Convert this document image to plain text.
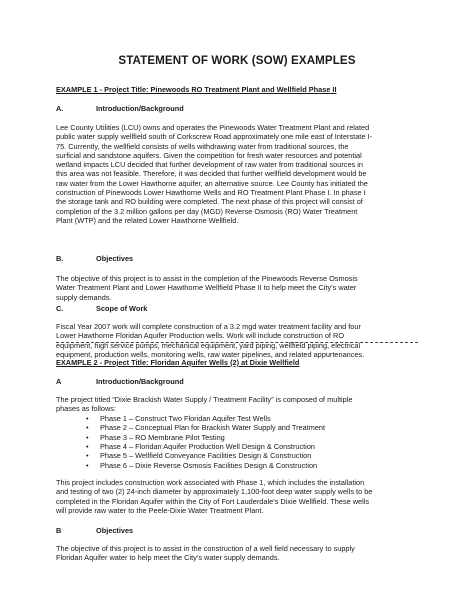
STATEMENT OF WORK (SOW) EXAMPLES
EXAMPLE 1 - Project Title: Pinewoods RO Treatment Plant and Wellfield Phase II
A.	Introduction/Background
Lee County Utilities (LCU) owns and operates the Pinewoods Water Treatment Plant and related
public water supply wellfield south of Corkscrew Road approximately one mile east of Interstate I-
75. Currently, the wellfield consists of wells withdrawing water from traditional sources, the
surficial and sandstone aquifers. Given the competition for fresh water resources and potential
wetland impacts LCU decided that further development of raw water from traditional sources in
this area was not feasible. Therefore, it was decided that further wellfield development would be
raw water from the Lower Hawthorne aquifer, an alternative source. Lee County has initiated the
construction of Pinewoods Lower Hawthorne Wells and RO Treatment Plant Phase I. In phase I
the storage tank and RO building were completed. The next phase of this project will consist of
completion of the 3.2 million gallons per day (MGD) Reverse Osmosis (RO) Water Treatment
Plant (WTP) and the related Lower Hawthorne Wellfield.
B.	Objectives
The objective of this project is to assist in the completion of the Pinewoods Reverse Osmosis
Water Treatment Plant and Lower Hawthorne Wellfield Phase II to help meet the City’s water
supply demands.
C.	Scope of Work
Fiscal Year 2007 work will complete construction of a 3.2 mgd water treatment facility and four
Lower Hawthorne Floridan Aquifer Production wells. Work will include construction of RO
equipment, high service pumps, mechanical equipment, yard piping, wellfield piping, electrical
equipment, production wells, monitoring wells, raw water pipelines, and related appurtenances.
EXAMPLE 2 - Project Title: Floridan Aquifer Wells (2) at Dixie Wellfield
A	Introduction/Background
The project titled “Dixie Brackish Water Supply / Treatment Facility” is composed of multiple
phases as follows:
• Phase 1 – Construct Two Floridan Aquifer Test Wells
• Phase 2 – Conceptual Plan for Brackish Water Supply and Treatment
• Phase 3 – RO Membrane Pilot Testing
• Phase 4 – Floridan Aquifer Production Well Design & Construction
• Phase 5 – Wellfield Conveyance Facilities Design & Construction
• Phase 6 – Dixie Reverse Osmosis Facilities Design & Construction
This project includes construction work associated with Phase 1, which includes the installation
and testing of two (2) 24-inch diameter by approximately 1,100-foot deep water supply wells to be
completed in the Floridan Aquifer within the City of Fort Lauderdale’s Dixie Wellfield. These wells
will provide raw water to the Peele-Dixie Water Treatment Plant.
B	Objectives
The objective of this project is to assist in the construction of a well field necessary to supply
Floridan Aquifer water to help meet the City’s water supply demands.
